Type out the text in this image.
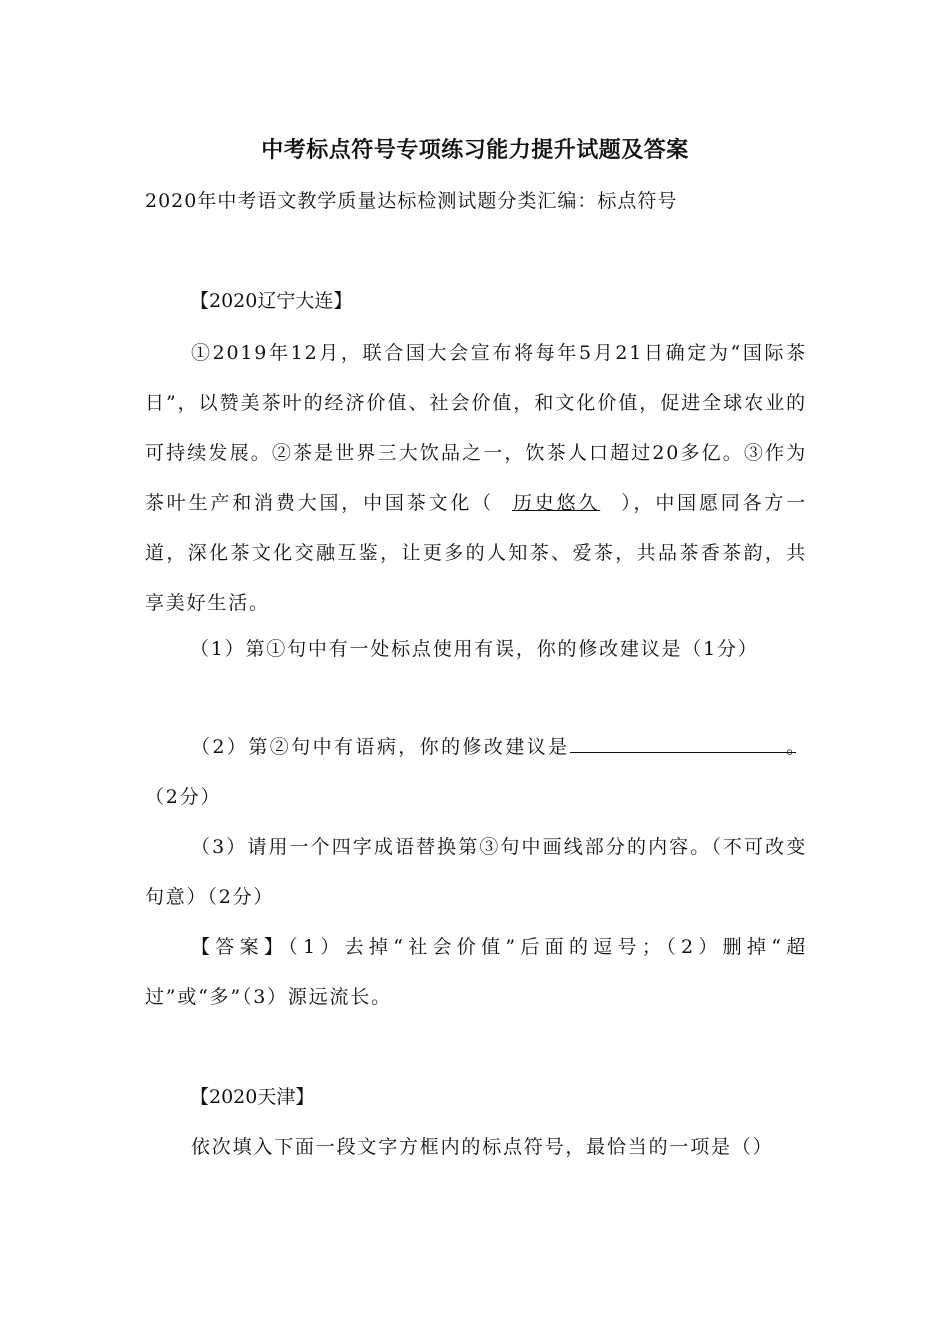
中考标点符号专项练习能力提升试题及答案
2020年中考语文教学质量达标检测试题分类汇编：标点符号
【2020辽宁大连】
①2019年12月，联合国大会宣布将每年5月21日确定为“国际茶日”，以赞美茶叶的经济价值、社会价值，和文化价值，促进全球农业的可持续发展。②茶是世界三大饮品之一，饮茶人口超过20多亿。③作为茶叶生产和消费大国，中国茶文化（ 历史悠久 ），中国愿同各方一道，深化茶文化交融互鉴，让更多的人知茶、爱茶，共品茶香茶韵，共享美好生活。
（1）第①句中有一处标点使用有误，你的修改建议是（1分）
（2）第②句中有语病，你的修改建议是	。（2分）
（3）请用一个四字成语替换第③句中画线部分的内容。（不可改变句意）（2分）
【答案】（1）去掉“社会价值”后面的逗号；（2）删掉“超过”或“多”（3）源远流长。
【2020天津】
依次填入下面一段文字方框内的标点符号，最恰当的一项是（）
